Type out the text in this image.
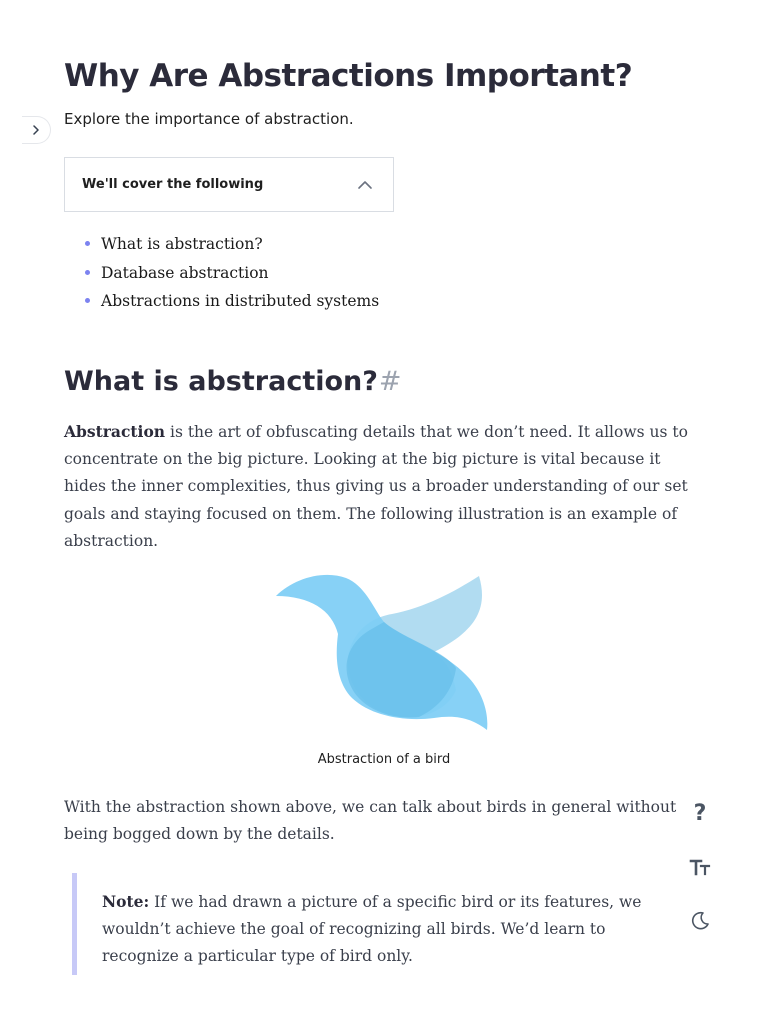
Why Are Abstractions Important?
Explore the importance of abstraction.
We'll cover the following
What is abstraction?
Database abstraction
Abstractions in distributed systems
What is abstraction?#

Abstraction is the art of obfuscating details that we don’t need. It allows us to concentrate on the big picture. Looking at the big picture is vital because it hides the inner complexities, thus giving us a broader understanding of our set goals and staying focused on them. The following illustration is an example of abstraction.

Abstraction of a bird

With the abstraction shown above, we can talk about birds in general without being bogged down by the details.

Note: If we had drawn a picture of a specific bird or its features, we wouldn’t achieve the goal of recognizing all birds. We’d learn to recognize a particular type of bird only.
?
